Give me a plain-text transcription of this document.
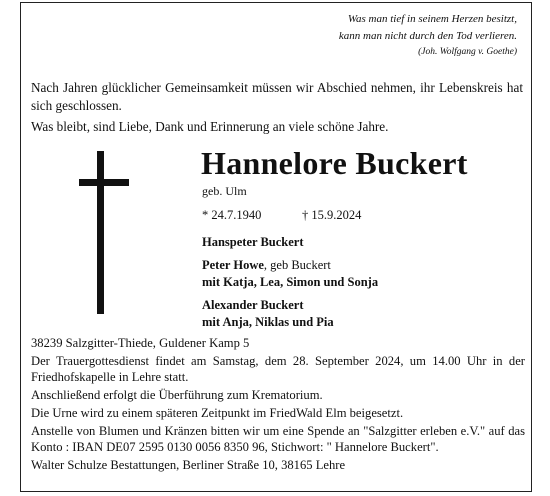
Was man tief in seinem Herzen besitzt,
kann man nicht durch den Tod verlieren.
(Joh. Wolfgang v. Goethe)

Nach Jahren glücklicher Gemeinsamkeit müssen wir Abschied nehmen, ihr Lebenskreis hat sich geschlossen.

Was bleibt, sind Liebe, Dank und Erinnerung an viele schöne Jahre.

Hannelore Buckert
geb. Ulm
* 24.7.1940	† 15.9.2024
Hanspeter Buckert
Peter Howe, geb Buckert
mit Katja, Lea, Simon und Sonja
Alexander Buckert
mit Anja, Niklas und Pia

38239 Salzgitter-Thiede, Guldener Kamp 5

Der Trauergottesdienst findet am Samstag, dem 28. September 2024, um 14.00 Uhr in der Friedhofskapelle in Lehre statt.

Anschließend erfolgt die Überführung zum Krematorium.

Die Urne wird zu einem späteren Zeitpunkt im FriedWald Elm beigesetzt.

Anstelle von Blumen und Kränzen bitten wir um eine Spende an "Salzgitter erleben e.V." auf das Konto : IBAN DE07 2595 0130 0056 8350 96, Stichwort: " Hannelore Buckert".

Walter Schulze Bestattungen, Berliner Straße 10, 38165 Lehre
